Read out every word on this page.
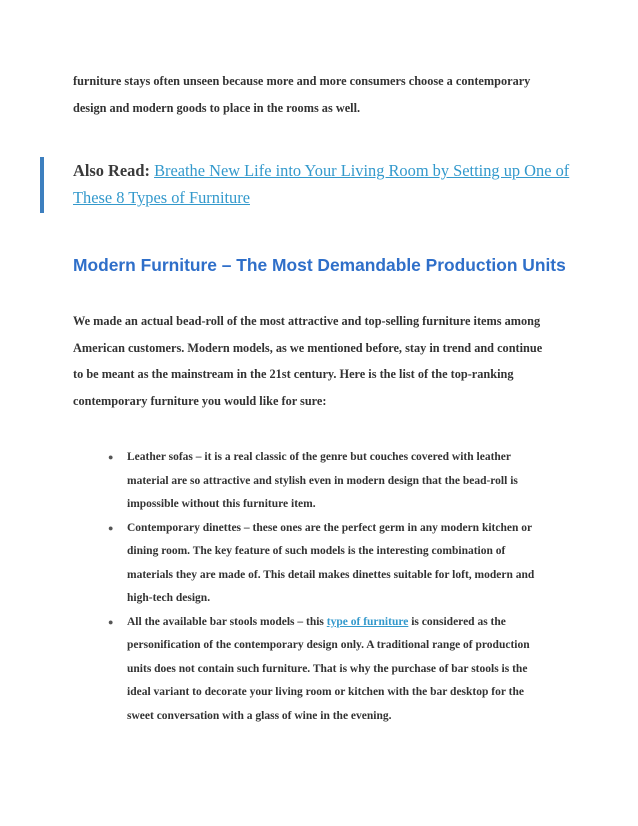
furniture stays often unseen because more and more consumers choose a contemporary
design and modern goods to place in the rooms as well.

Also Read: Breathe New Life into Your Living Room by Setting up One of
These 8 Types of Furniture
Modern Furniture – The Most Demandable Production Units

We made an actual bead-roll of the most attractive and top-selling furniture items among
American customers. Modern models, as we mentioned before, stay in trend and continue
to be meant as the mainstream in the 21st century. Here is the list of the top-ranking
contemporary furniture you would like for sure:

● Leather sofas – it is a real classic of the genre but couches covered with leather
material are so attractive and stylish even in modern design that the bead-roll is
impossible without this furniture item.
● Contemporary dinettes – these ones are the perfect germ in any modern kitchen or
dining room. The key feature of such models is the interesting combination of
materials they are made of. This detail makes dinettes suitable for loft, modern and
high-tech design.
● All the available bar stools models – this type of furniture is considered as the
personification of the contemporary design only. A traditional range of production
units does not contain such furniture. That is why the purchase of bar stools is the
ideal variant to decorate your living room or kitchen with the bar desktop for the
sweet conversation with a glass of wine in the evening.
